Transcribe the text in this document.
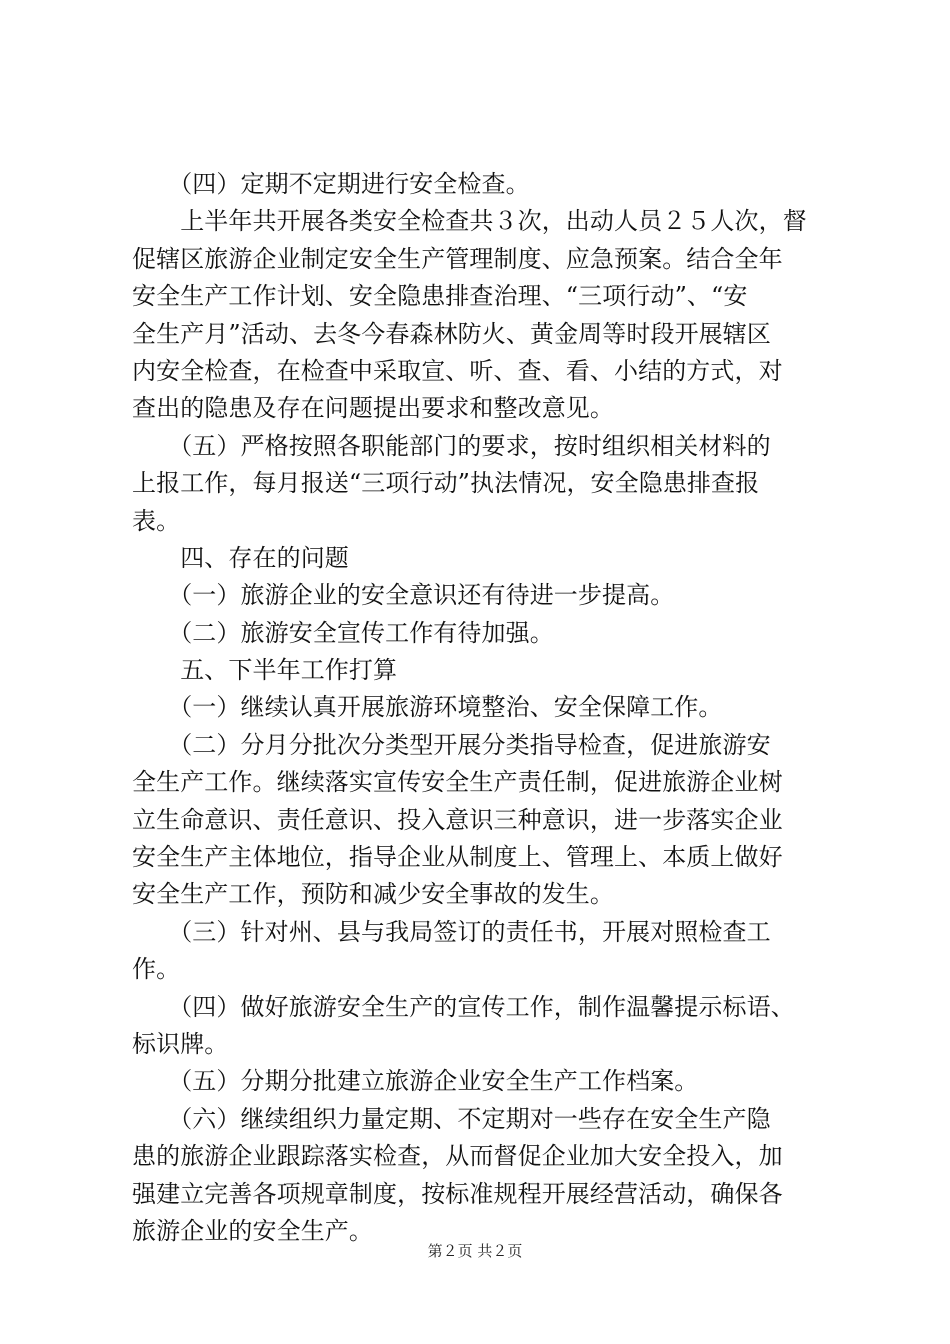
　　（四）定期不定期进行安全检查。
　　上半年共开展各类安全检查共３次，出动人员２５人次，督
促辖区旅游企业制定安全生产管理制度、应急预案。结合全年
安全生产工作计划、安全隐患排查治理、“三项行动”、“安
全生产月”活动、去冬今春森林防火、黄金周等时段开展辖区
内安全检查，在检查中采取宣、听、查、看、小结的方式，对
查出的隐患及存在问题提出要求和整改意见。
　　（五）严格按照各职能部门的要求，按时组织相关材料的
上报工作，每月报送“三项行动”执法情况，安全隐患排查报
表。
　　四、存在的问题
　　（一）旅游企业的安全意识还有待进一步提高。
　　（二）旅游安全宣传工作有待加强。
　　五、下半年工作打算
　　（一）继续认真开展旅游环境整治、安全保障工作。
　　（二）分月分批次分类型开展分类指导检查，促进旅游安
全生产工作。继续落实宣传安全生产责任制，促进旅游企业树
立生命意识、责任意识、投入意识三种意识，进一步落实企业
安全生产主体地位，指导企业从制度上、管理上、本质上做好
安全生产工作，预防和减少安全事故的发生。
　　（三）针对州、县与我局签订的责任书，开展对照检查工
作。
　　（四）做好旅游安全生产的宣传工作，制作温馨提示标语、
标识牌。
　　（五）分期分批建立旅游企业安全生产工作档案。
　　（六）继续组织力量定期、不定期对一些存在安全生产隐
患的旅游企业跟踪落实检查，从而督促企业加大安全投入，加
强建立完善各项规章制度，按标准规程开展经营活动，确保各
旅游企业的安全生产。
第２页 共２页
